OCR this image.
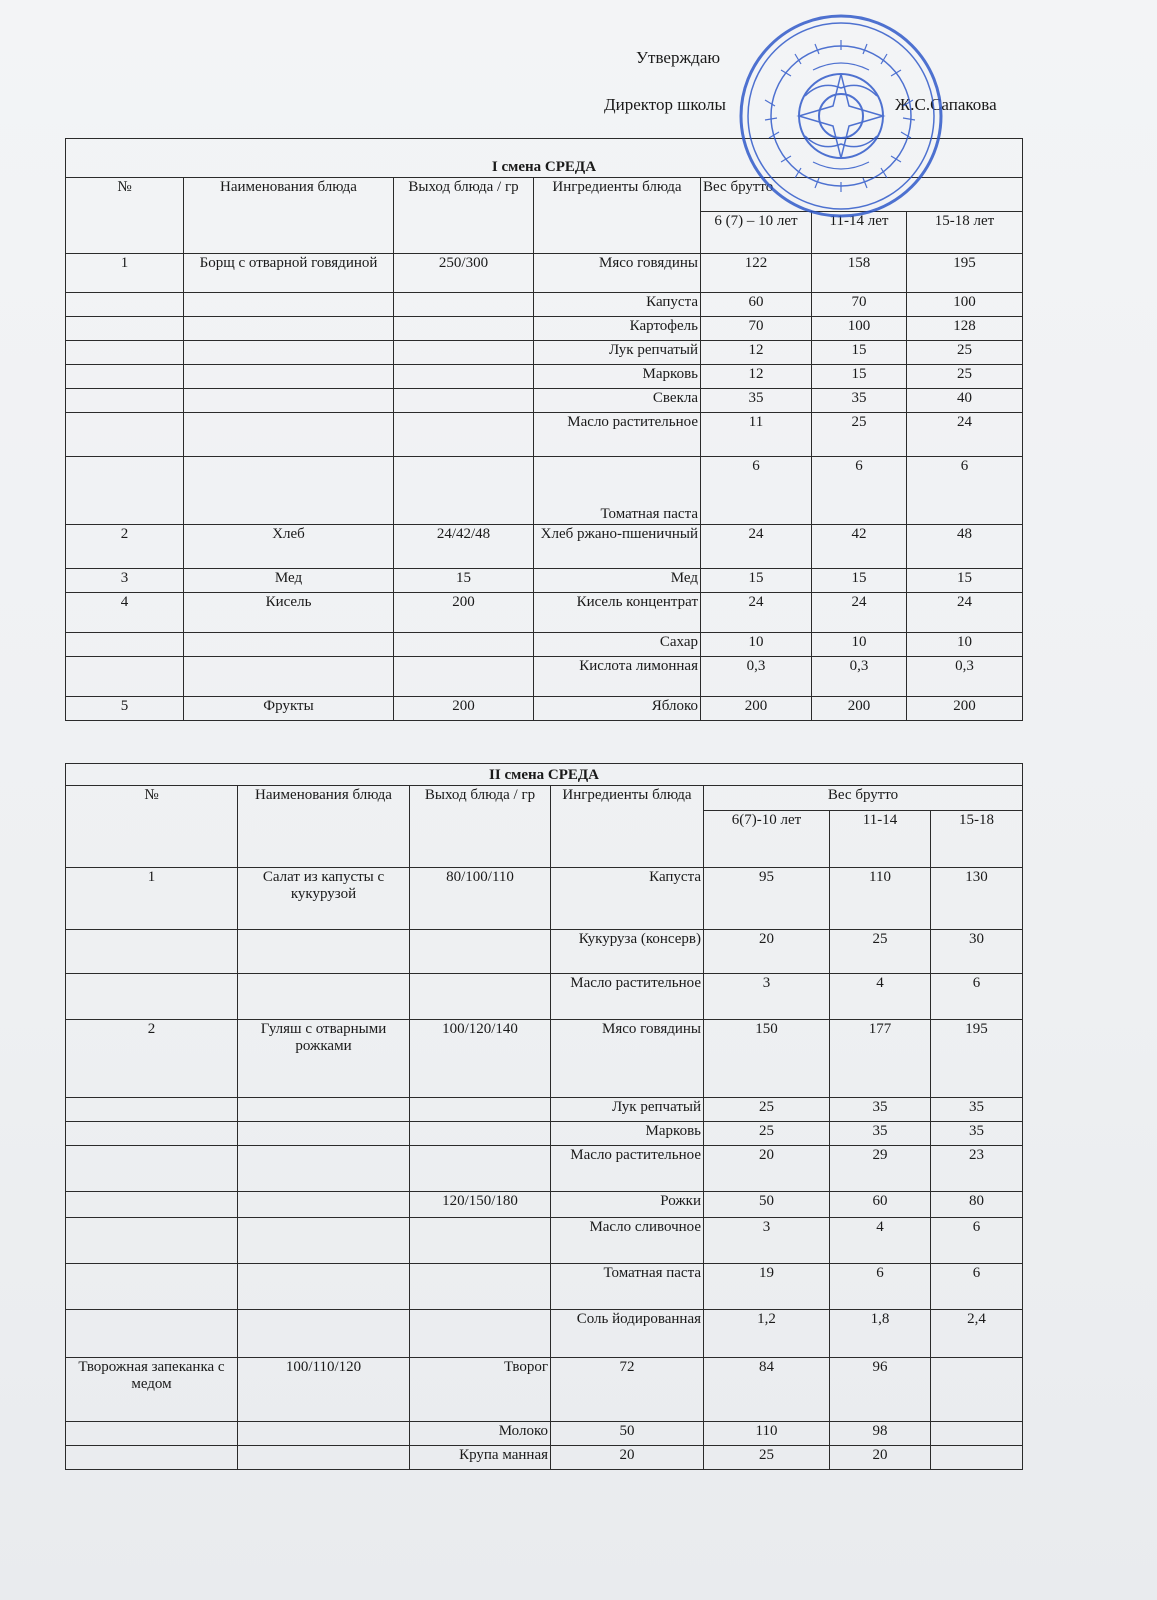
Утверждаю
Директор школы	Ж.С.Сапакова
I смена СРЕДА						
№	Наименования блюда	Выход блюда / гр	Ингредиенты блюда	Вес брутто		
				6 (7) – 10 лет	11-14 лет	15-18 лет
1	Борщ с отварной говядиной	250/300	Мясо говядины	122	158	195
			Капуста	60	70	100
			Картофель	70	100	128
			Лук репчатый	12	15	25
			Марковь	12	15	25
			Свекла	35	35	40
			Масло растительное	11	25	24
			Томатная паста	6	6	6
2	Хлеб	24/42/48	Хлеб ржано-пшеничный	24	42	48
3	Мед	15	Мед	15	15	15
4	Кисель	200	Кисель концентрат	24	24	24
			Сахар	10	10	10
			Кислота лимонная	0,3	0,3	0,3
5	Фрукты	200	Яблоко	200	200	200
II смена СРЕДА						
№	Наименования блюда	Выход блюда / гр	Ингредиенты блюда	Вес брутто		
				6(7)-10 лет	11-14	15-18
1	Салат из капусты с кукурузой	80/100/110	Капуста	95	110	130
			Кукуруза (консерв)	20	25	30
			Масло растительное	3	4	6
2	Гуляш с отварными рожками	100/120/140	Мясо говядины	150	177	195
			Лук репчатый	25	35	35
			Марковь	25	35	35
			Масло растительное	20	29	23
		120/150/180	Рожки	50	60	80
			Масло сливочное	3	4	6
			Томатная паста	19	6	6
			Соль йодированная	1,2	1,8	2,4
Творожная запеканка с медом	100/110/120	Творог	72	84	96	
		Молоко	50	110	98	
		Крупа манная	20	25	20	
